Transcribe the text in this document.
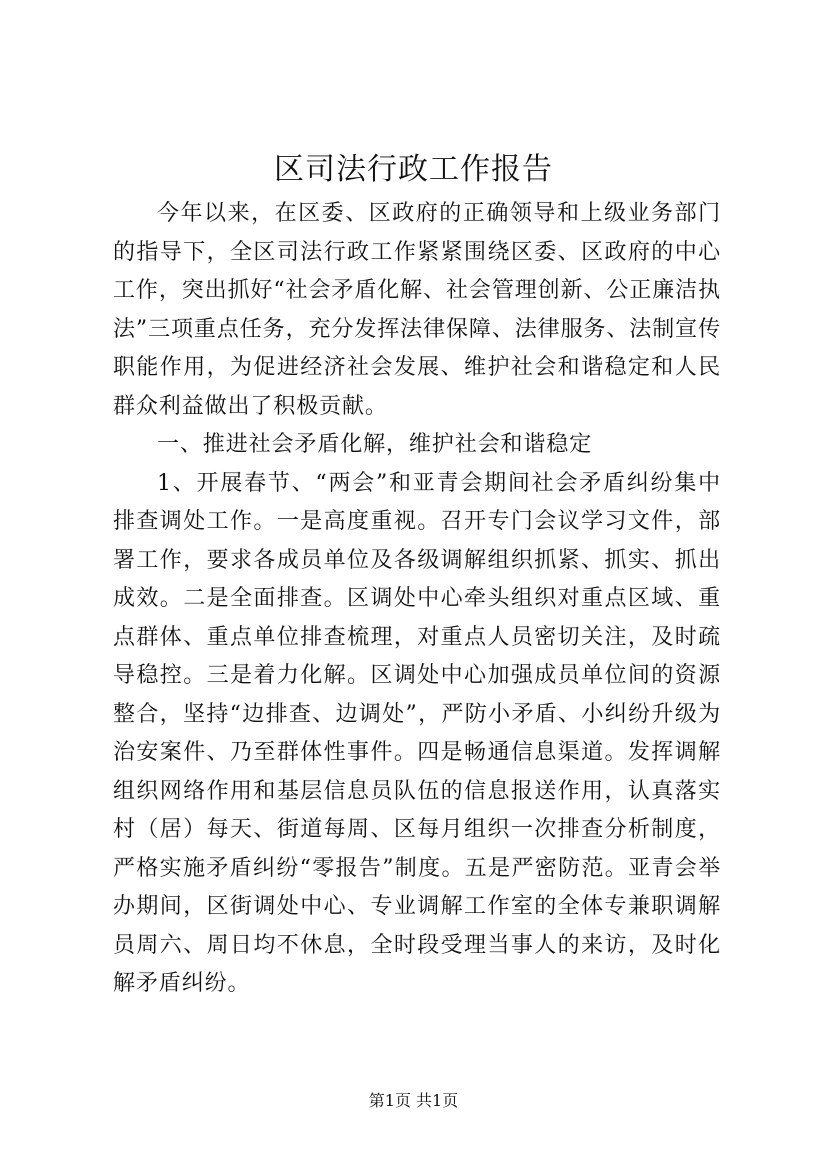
区司法行政工作报告

今年以来，在区委、区政府的正确领导和上级业务部门的指导下，全区司法行政工作紧紧围绕区委、区政府的中心工作，突出抓好“社会矛盾化解、社会管理创新、公正廉洁执法”三项重点任务，充分发挥法律保障、法律服务、法制宣传职能作用，为促进经济社会发展、维护社会和谐稳定和人民群众利益做出了积极贡献。

一、推进社会矛盾化解，维护社会和谐稳定

1、开展春节、“两会”和亚青会期间社会矛盾纠纷集中排查调处工作。一是高度重视。召开专门会议学习文件，部署工作，要求各成员单位及各级调解组织抓紧、抓实、抓出成效。二是全面排查。区调处中心牵头组织对重点区域、重点群体、重点单位排查梳理，对重点人员密切关注，及时疏导稳控。三是着力化解。区调处中心加强成员单位间的资源整合，坚持“边排查、边调处”，严防小矛盾、小纠纷升级为治安案件、乃至群体性事件。四是畅通信息渠道。发挥调解组织网络作用和基层信息员队伍的信息报送作用，认真落实村（居）每天、街道每周、区每月组织一次排查分析制度，严格实施矛盾纠纷“零报告”制度。五是严密防范。亚青会举办期间，区街调处中心、专业调解工作室的全体专兼职调解员周六、周日均不休息，全时段受理当事人的来访，及时化解矛盾纠纷。

第1页 共1页
